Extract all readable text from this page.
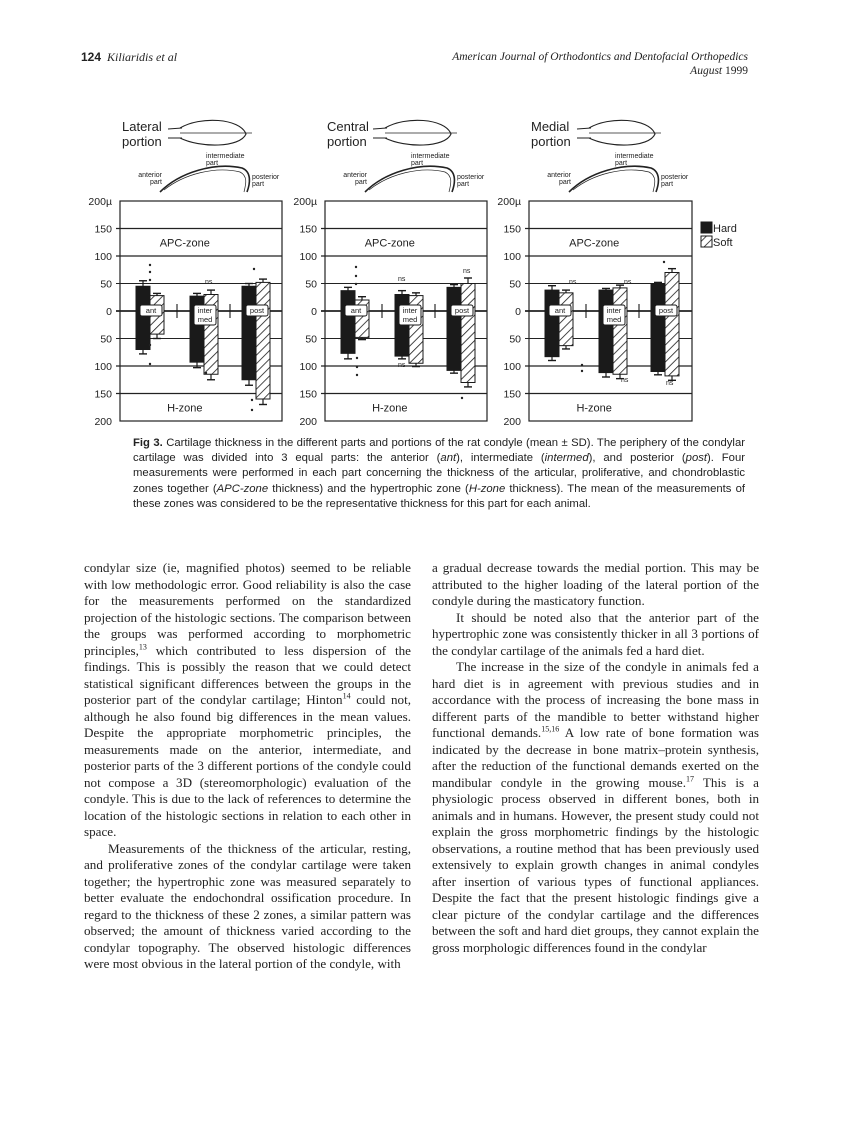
124 Kiliaridis et al	American Journal of Orthodontics and Dentofacial Orthopedics
August 1999
Lateral
portion
intermediate
part
anterior
part
posterior
part
200µ
150
100
50
0
50
100
150
200
APC-zone
H-zone
ant	inter
med
post
Central
portion
intermediate
part
anterior
part
posterior
part
200µ
150
100
50
0
50
100
150
200
APC-zone
H-zone
ant	inter
med
post
Medial
portion
intermediate
part
anterior
part
posterior
part
200µ
150
100
50
0
50
100
150
200
APC-zone
H-zone
ant	inter
med
post
ns	ns
ns
ns
ns	ns
ns	ns
Hard
Soft
Fig 3. Cartilage thickness in the different parts and portions of the rat condyle (mean ± SD). The periphery of the condylar cartilage was divided into 3 equal parts: the anterior (ant), intermediate (intermed), and posterior (post). Four measurements were performed in each part concerning the thickness of the articular, proliferative, and chondroblastic zones together (APC-zone thickness) and the hypertrophic zone (H-zone thickness). The mean of the measurements of these zones was considered to be the representative thickness for this part for each animal.

condylar size (ie, magnified photos) seemed to be reliable with low methodologic error. Good reliability is also the case for the measurements performed on the standardized projection of the histologic sections. The comparison between the groups was performed according to morphometric principles,$^{13}$ which contributed to less dispersion of the findings. This is possibly the reason that we could detect statistical significant differences between the groups in the posterior part of the condylar cartilage; Hinton$^{14}$ could not, although he also found big differences in the mean values. Despite the appropriate morphometric principles, the measurements made on the anterior, intermediate, and posterior parts of the 3 different portions of the condyle could not compose a 3D (stereomorphologic) evaluation of the condyle. This is due to the lack of references to determine the location of the histologic sections in relation to each other in space.

Measurements of the thickness of the articular, resting, and proliferative zones of the condylar cartilage were taken together; the hypertrophic zone was measured separately to better evaluate the endochondral ossification procedure. In regard to the thickness of these 2 zones, a similar pattern was observed; the amount of thickness varied according to the condylar topography. The observed histologic differences were most obvious in the lateral portion of the condyle, with

a gradual decrease towards the medial portion. This may be attributed to the higher loading of the lateral portion of the condyle during the masticatory function.

It should be noted also that the anterior part of the hypertrophic zone was consistently thicker in all 3 portions of the condylar cartilage of the animals fed a hard diet.

The increase in the size of the condyle in animals fed a hard diet is in agreement with previous studies and in accordance with the process of increasing the bone mass in different parts of the mandible to better withstand higher functional demands.$^{15,16}$ A low rate of bone formation was indicated by the decrease in bone matrix–protein synthesis, after the reduction of the functional demands exerted on the mandibular condyle in the growing mouse.$^{17}$ This is a physiologic process observed in different bones, both in animals and in humans. However, the present study could not explain the gross morphometric findings by the histologic observations, a routine method that has been previously used extensively to explain growth changes in animal condyles after insertion of various types of functional appliances. Despite the fact that the present histologic findings give a clear picture of the condylar cartilage and the differences between the soft and hard diet groups, they cannot explain the gross morphologic differences found in the condylar
